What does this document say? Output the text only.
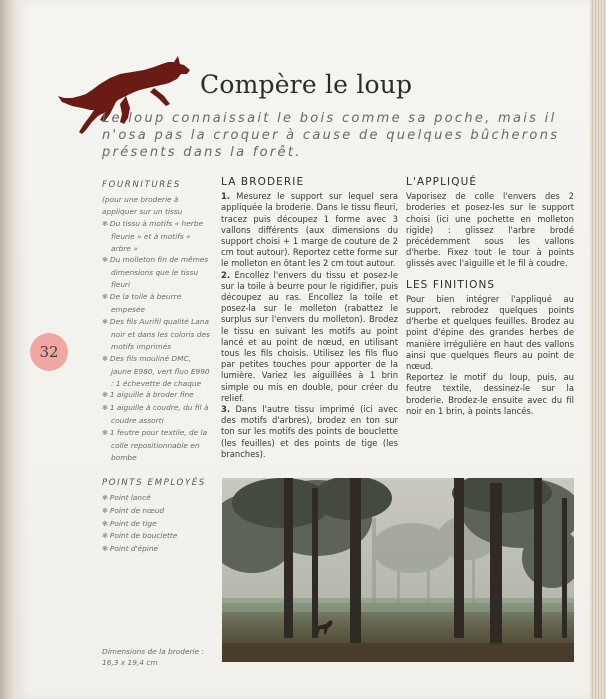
Compère le loup
Le loup connaissait le bois comme sa poche, mais il n'osa pas la croquer à cause de quelques bûcherons présents dans la forêt.
32
FOURNITURES
(pour une broderie à appliquer sur un tissu
❃ Du tissu à motifs « herbe fleurie » et à motifs « arbre »
❃ Du molleton fin de mêmes dimensions que le tissu fleuri
❃ De la toile à beurre empesée
❃ Des fils Aurifil qualité Lana noir et dans les coloris des motifs imprimés
❃ Des fils mouliné DMC, jaune E980, vert fluo E990 : 1 échevette de chaque
❃ 1 aiguille à broder fine
❃ 1 aiguille à coudre, du fil à coudre assorti
❃ 1 feutre pour textile, de la colle repositionnable en bombe
POINTS EMPLOYÉS
❃ Point lancé
❃ Point de nœud
❃ Point de tige
❃ Point de bouclette
❃ Point d'épine
Dimensions de la broderie :
16,3 x 19,4 cm
LA BRODERIE

1. Mesurez le support sur lequel sera appliquée la broderie. Dans le tissu fleuri, tracez puis découpez 1 forme avec 3 vallons différents (aux dimensions du support choisi + 1 marge de couture de 2 cm tout autour). Reportez cette forme sur le molleton en ôtant les 2 cm tout autour.

2. Encollez l'envers du tissu et posez-le sur la toile à beurre pour le rigidifier, puis découpez au ras. Encollez la toile et posez-la sur le molleton (rabattez le surplus sur l'envers du molleton). Brodez le tissu en suivant les motifs au point lancé et au point de nœud, en utilisant tous les fils choisis. Utilisez les fils fluo par petites touches pour apporter de la lumière. Variez les aiguillées à 1 brin simple ou mis en double, pour créer du relief.

3. Dans l'autre tissu imprimé (ici avec des motifs d'arbres), brodez en ton sur ton sur les motifs des points de bouclette (les feuilles) et des points de tige (les branches).

L'APPLIQUÉ

Vaporisez de colle l'envers des 2 broderies et posez-les sur le support choisi (ici une pochette en molleton rigide) : glissez l'arbre brodé précédemment sous les vallons d'herbe. Fixez tout le tour à points glissés avec l'aiguille et le fil à coudre.

LES FINITIONS

Pour bien intégrer l'appliqué au support, rebrodez quelques points d'herbe et quelques feuilles. Brodez au point d'épine des grandes herbes de manière irrégulière en haut des vallons ainsi que quelques fleurs au point de nœud.

Reportez le motif du loup, puis, au feutre textile, dessinez-le sur la broderie. Brodez-le ensuite avec du fil noir en 1 brin, à points lancés.
